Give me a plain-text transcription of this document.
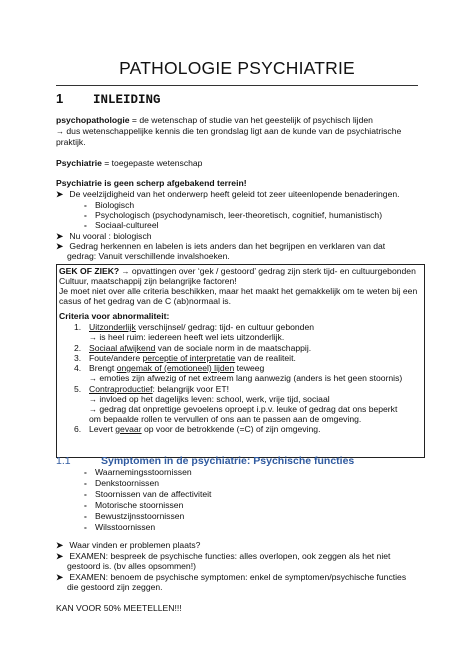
PATHOLOGIE PSYCHIATRIE
1 INLEIDING
psychopathologie = de wetenschap of studie van het geestelijk of psychisch lijden
→ dus wetenschappelijke kennis die ten grondslag ligt aan de kunde van de psychiatrische
praktijk.
Psychiatrie = toegepaste wetenschap
Psychiatrie is geen scherp afgebakend terrein!
➤ De veelzijdigheid van het onderwerp heeft geleid tot zeer uiteenlopende benaderingen.
- Biologisch
- Psychologisch (psychodynamisch, leer-theoretisch, cognitief, humanistisch)
- Sociaal-cultureel
➤ Nu vooral : biologisch
➤ Gedrag herkennen en labelen is iets anders dan het begrijpen en verklaren van dat
gedrag: Vanuit verschillende invalshoeken.
GEK OF ZIEK? → opvattingen over ‘gek / gestoord’ gedrag zijn sterk tijd- en cultuurgebonden
Cultuur, maatschappij zijn belangrijke factoren!
Je moet niet over alle criteria beschikken, maar het maakt het gemakkelijk om te weten bij een
casus of het gedrag van de C (ab)normaal is.
Criteria voor abnormaliteit:
1. Uitzonderlijk verschijnsel/ gedrag: tijd- en cultuur gebonden
→ is heel ruim: iedereen heeft wel iets uitzonderlijk.
2. Sociaal afwijkend van de sociale norm in de maatschappij.
3. Foute/andere perceptie of interpretatie van de realiteit.
4. Brengt ongemak of (emotioneel) lijden teweeg
→ emoties zijn afwezig of net extreem lang aanwezig (anders is het geen stoornis)
5. Contraproductief: belangrijk voor ET!
→ invloed op het dagelijks leven: school, werk, vrije tijd, sociaal
→ gedrag dat onprettige gevoelens oproept i.p.v. leuke of gedrag dat ons beperkt
om bepaalde rollen te vervullen of ons aan te passen aan de omgeving.
6. Levert gevaar op voor de betrokkende (=C) of zijn omgeving.
1.1	Symptomen in de psychiatrie: Psychische functies
- Waarnemingsstoornissen
- Denkstoornissen
- Stoornissen van de affectiviteit
- Motorische stoornissen
- Bewustzijnsstoornissen
- Wilsstoornissen
➤ Waar vinden er problemen plaats?
➤ EXAMEN: bespreek de psychische functies: alles overlopen, ook zeggen als het niet
gestoord is. (bv alles opsommen!)
➤ EXAMEN: benoem de psychische symptomen: enkel de symptomen/psychische functies
die gestoord zijn zeggen.
KAN VOOR 50% MEETELLEN!!!
